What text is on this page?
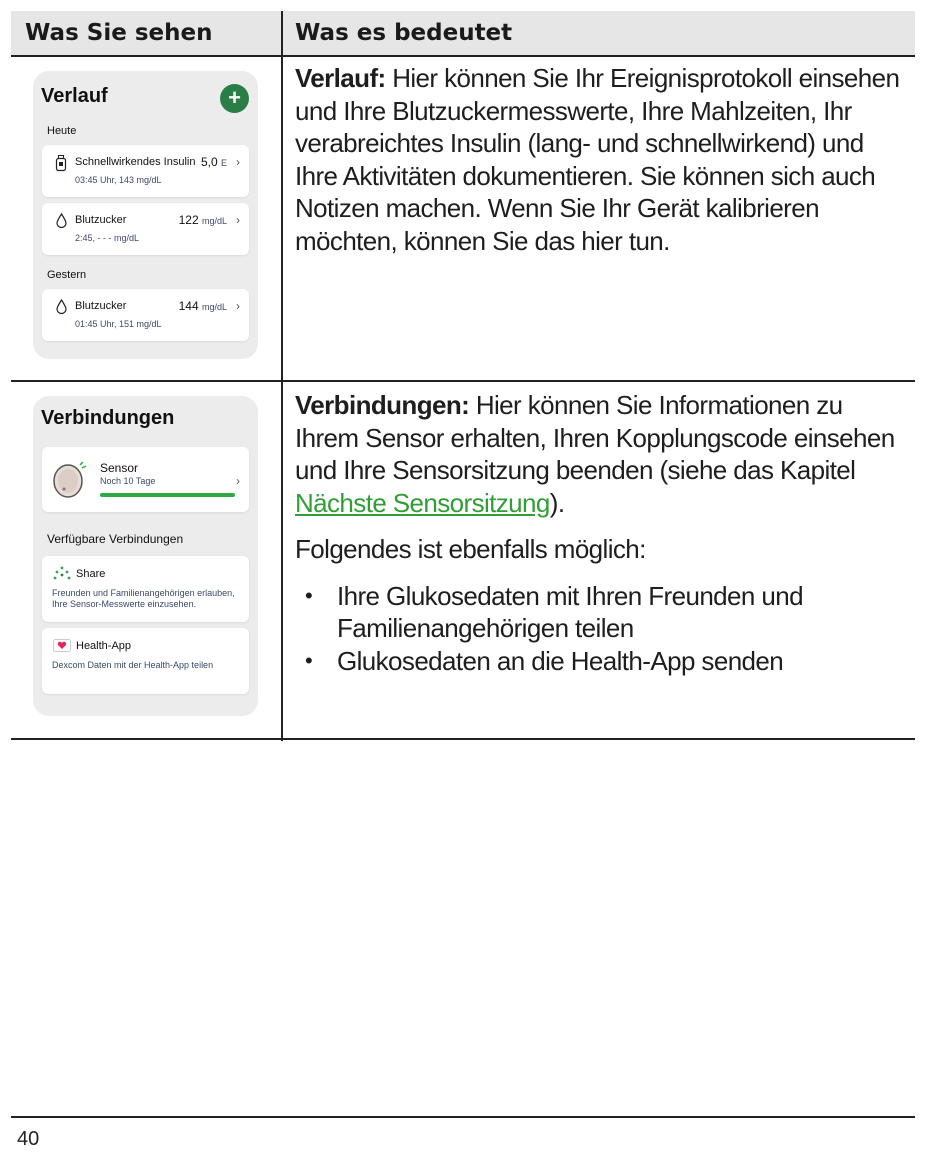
Was Sie sehen	Was es bedeutet
Verlauf	+
Heute
Schnellwirkendes Insulin
03:45 Uhr, 143 mg/dL
5,0 E ›
Blutzucker
2:45, - - - mg/dL
122 mg/dL ›
Gestern
Blutzucker
01:45 Uhr, 151 mg/dL
144 mg/dL ›

Verlauf: Hier können Sie Ihr Ereignisprotokoll einsehen und Ihre Blutzuckermesswerte, Ihre Mahlzeiten, Ihr verabreichtes Insulin (lang- und schnellwirkend) und Ihre Aktivitäten dokumentieren. Sie können sich auch Notizen machen. Wenn Sie Ihr Gerät kalibrieren möchten, können Sie das hier tun.

Verbindungen
Sensor
Noch 10 Tage	›
Verfügbare Verbindungen
Share
Freunden und Familienangehörigen erlauben, Ihre Sensor-Messwerte einzusehen.
Health-App
Dexcom Daten mit der Health-App teilen

Verbindungen: Hier können Sie Informationen zu Ihrem Sensor erhalten, Ihren Kopplungscode einsehen und Ihre Sensorsitzung beenden (siehe das Kapitel Nächste Sensorsitzung).

Folgendes ist ebenfalls möglich:

• Ihre Glukosedaten mit Ihren Freunden und Familienangehörigen teilen
• Glukosedaten an die Health-App senden
40
